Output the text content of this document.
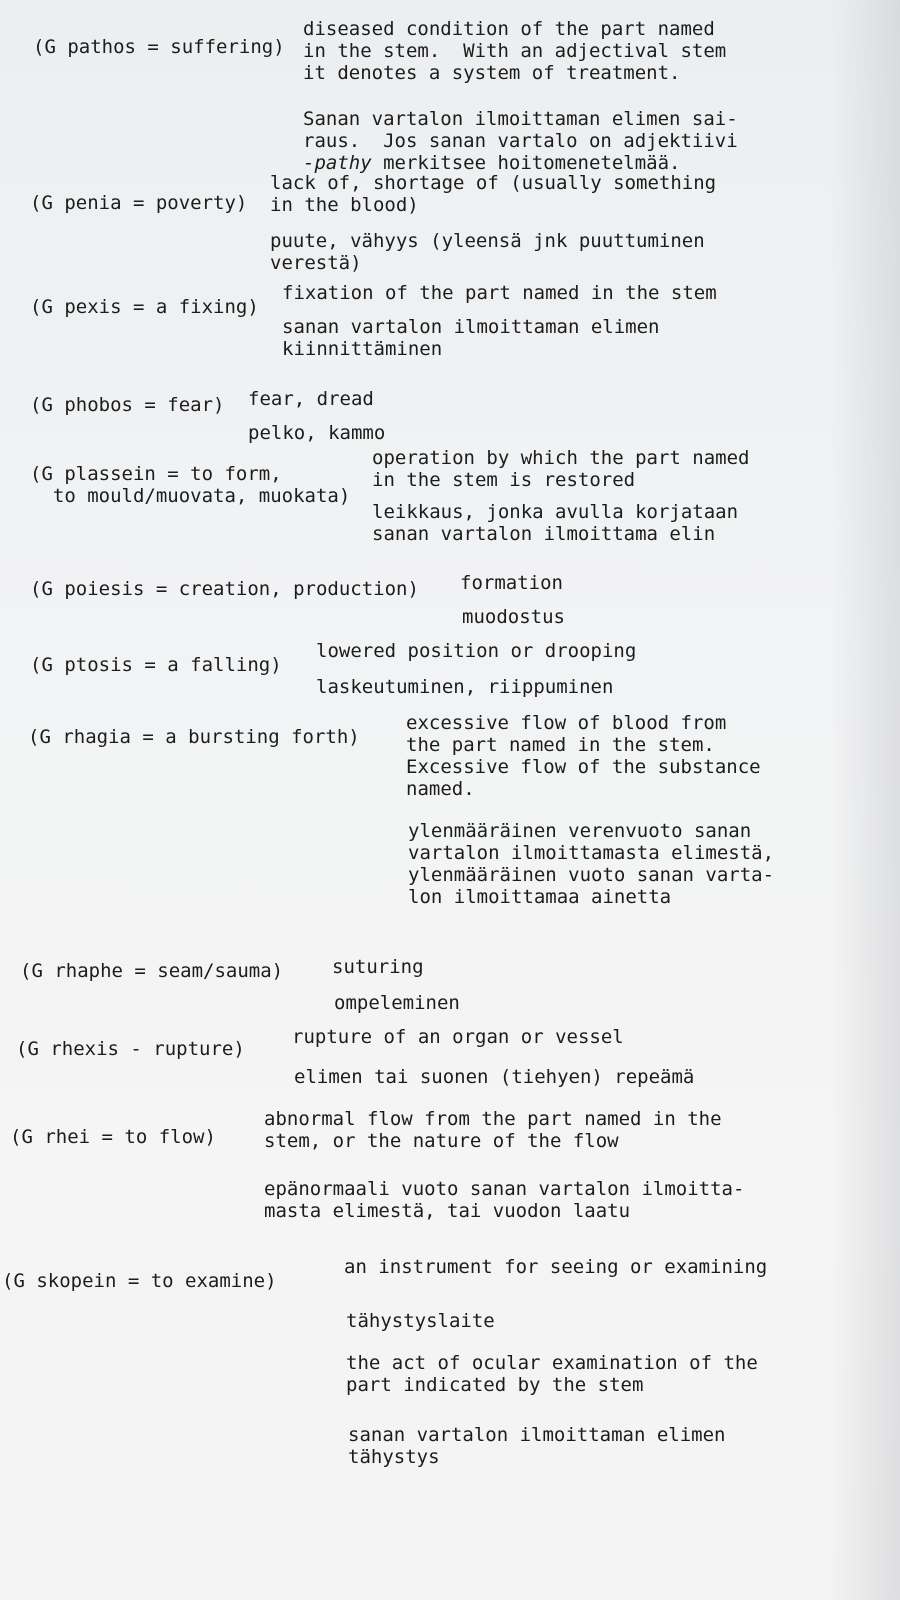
(G pathos = suffering)

diseased condition of the part named
in the stem.  With an adjectival stem
it denotes a system of treatment.

Sanan vartalon ilmoittaman elimen sai-
raus.  Jos sanan vartalo on adjektiivi
-pathy merkitsee hoitomenetelmää.

(G penia = poverty)

lack of, shortage of (usually something
in the blood)

puute, vähyys (yleensä jnk puuttuminen
verestä)

(G pexis = a fixing)

fixation of the part named in the stem

sanan vartalon ilmoittaman elimen
kiinnittäminen

(G phobos = fear)

fear, dread

pelko, kammo

(G plassein = to form,
to mould/muovata, muokata)

operation by which the part named
in the stem is restored

leikkaus, jonka avulla korjataan
sanan vartalon ilmoittama elin

(G poiesis = creation, production)

formation

muodostus

(G ptosis = a falling)

lowered position or drooping

laskeutuminen, riippuminen

(G rhagia = a bursting forth)

excessive flow of blood from
the part named in the stem.
Excessive flow of the substance
named.

ylenmääräinen verenvuoto sanan
vartalon ilmoittamasta elimestä,
ylenmääräinen vuoto sanan varta-
lon ilmoittamaa ainetta

(G rhaphe = seam/sauma)

	suturing

ompeleminen

(G rhexis - rupture)

rupture of an organ or vessel

elimen tai suonen (tiehyen) repeämä

(G rhei = to flow)

abnormal flow from the part named in the
stem, or the nature of the flow

epänormaali vuoto sanan vartalon ilmoitta-
masta elimestä, tai vuodon laatu

(G skopein = to examine)

an instrument for seeing or examining

tähystyslaite

the act of ocular examination of the
part indicated by the stem

sanan vartalon ilmoittaman elimen
tähystys
